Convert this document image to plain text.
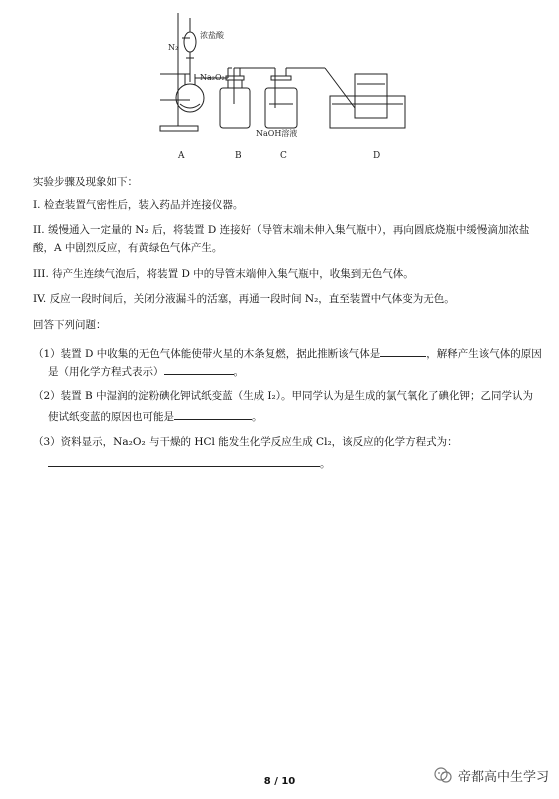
N₂
浓盐酸
Na₂O₂
NaOH溶液
A	B	C	D
实验步骤及现象如下：
I. 检查装置气密性后，装入药品并连接仪器。
II. 缓慢通入一定量的 N₂ 后，将装置 D 连接好（导管末端未伸入集气瓶中），再向圆底烧瓶中缓慢滴加浓盐
酸，A 中剧烈反应，有黄绿色气体产生。
III. 待产生连续气泡后，将装置 D 中的导管末端伸入集气瓶中，收集到无色气体。
IV. 反应一段时间后，关闭分液漏斗的活塞，再通一段时间 N₂，直至装置中气体变为无色。
回答下列问题：
（1）装置 D 中收集的无色气体能使带火星的木条复燃，据此推断该气体是	，解释产生该气体的原因
是（用化学方程式表示）	。
（2）装置 B 中湿润的淀粉碘化钾试纸变蓝（生成 I₂）。甲同学认为是生成的氯气氧化了碘化钾；乙同学认为
使试纸变蓝的原因也可能是	。
（3）资料显示，Na₂O₂ 与干燥的 HCl 能发生化学反应生成 Cl₂，该反应的化学方程式为：
。
8 / 10	帝都高中生学习
